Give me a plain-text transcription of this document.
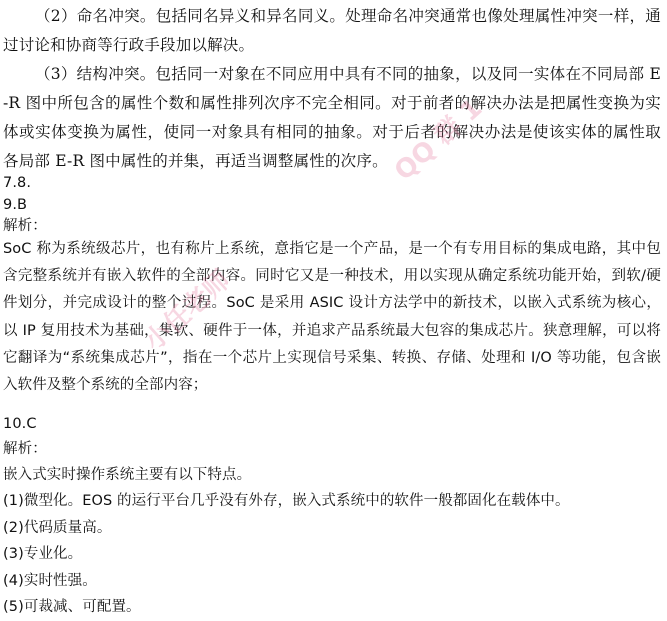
（2）命名冲突。包括同名异义和异名同义。处理命名冲突通常也像处理属性冲突一样，通过讨论和协商等行政手段加以解决。

（3）结构冲突。包括同一对象在不同应用中具有不同的抽象，以及同一实体在不同局部 E-R 图中所包含的属性个数和属性排列次序不完全相同。对于前者的解决办法是把属性变换为实体或实体变换为属性，使同一对象具有相同的抽象。对于后者的解决办法是使该实体的属性取各局部 E-R 图中属性的并集，再适当调整属性的次序。

7.8.
9.B
解析：

SoC 称为系统级芯片，也有称片上系统，意指它是一个产品，是一个有专用目标的集成电路，其中包含完整系统并有嵌入软件的全部内容。同时它又是一种技术，用以实现从确定系统功能开始，到软/硬件划分，并完成设计的整个过程。SoC 是采用 ASIC 设计方法学中的新技术，以嵌入式系统为核心，以 IP 复用技术为基础，集软、硬件于一体，并追求产品系统最大包容的集成芯片。狭意理解，可以将它翻译为“系统集成芯片”，指在一个芯片上实现信号采集、转换、存储、处理和 I/O 等功能，包含嵌入软件及整个系统的全部内容；

10.C
解析：
嵌入式实时操作系统主要有以下特点。
(1)微型化。EOS 的运行平台几乎没有外存，嵌入式系统中的软件一般都固化在载体中。
(2)代码质量高。
(3)专业化。
(4)实时性强。
(5)可裁减、可配置。
QQ 群 1
小任老师
